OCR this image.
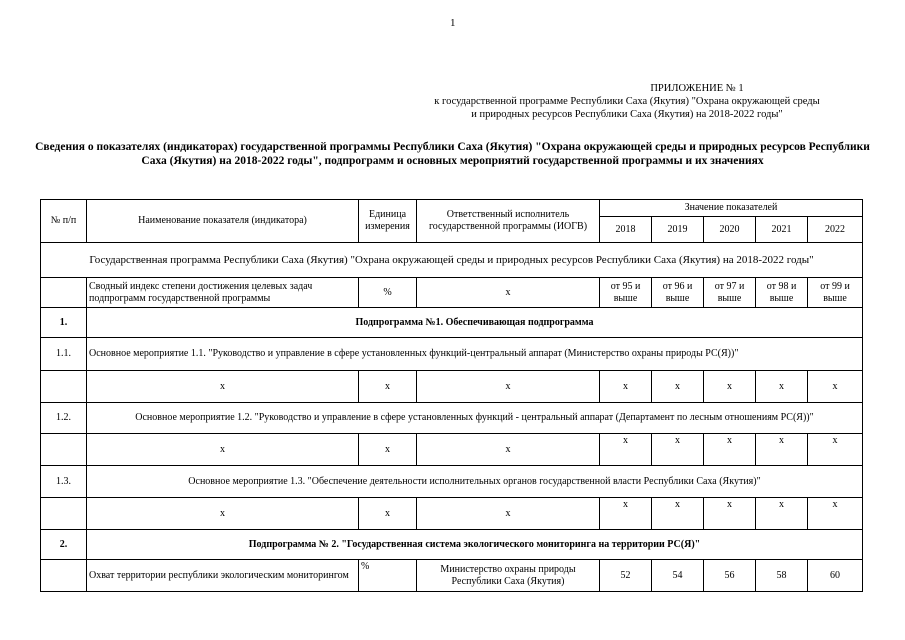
1
ПРИЛОЖЕНИЕ № 1
к государственной программе Республики Саха (Якутия) "Охрана окружающей среды
и природных ресурсов Республики Саха (Якутия) на 2018-2022 годы"
Сведения о показателях (индикаторах) государственной программы Республики Саха (Якутия) "Охрана окружающей среды и природных ресурсов Республики Саха (Якутия) на 2018-2022 годы", подпрограмм и основных мероприятий государственной программы и их значениях
№ п/п	Наименование показателя (индикатора)	Единица измерения	Ответственный исполнитель государственной программы (ИОГВ)	Значение показателей				
				2018	2019	2020	2021	2022
Государственная программа Республики Саха (Якутия) "Охрана окружающей среды и природных ресурсов Республики Саха (Якутия) на 2018-2022 годы"								
	Сводный индекс степени достижения целевых задач подпрограмм государственной программы	%	х	от 95 и выше	от 96 и выше	от 97 и выше	от 98 и выше	от 99 и выше
1.	Подпрограмма №1. Обеспечивающая подпрограмма							
1.1.	Основное мероприятие 1.1. "Руководство и управление в сфере установленных функций-центральный аппарат (Министерство охраны природы РС(Я))"							
	х	х	х	х	х	х	х	х
1.2.	Основное мероприятие 1.2. "Руководство и управление в сфере установленных функций - центральный аппарат (Департамент по лесным отношениям РС(Я))"							
	х	х	х	х	х	х	х	х
1.3.	Основное мероприятие 1.3. "Обеспечение деятельности исполнительных органов государственной власти Республики Саха (Якутия)"							
	х	х	х	х	х	х	х	х
2.	Подпрограмма № 2. "Государственная система экологического мониторинга на территории РС(Я)"							
	Охват территории республики экологическим мониторингом	%	Министерство охраны природы Республики Саха (Якутия)	52	54	56	58	60
